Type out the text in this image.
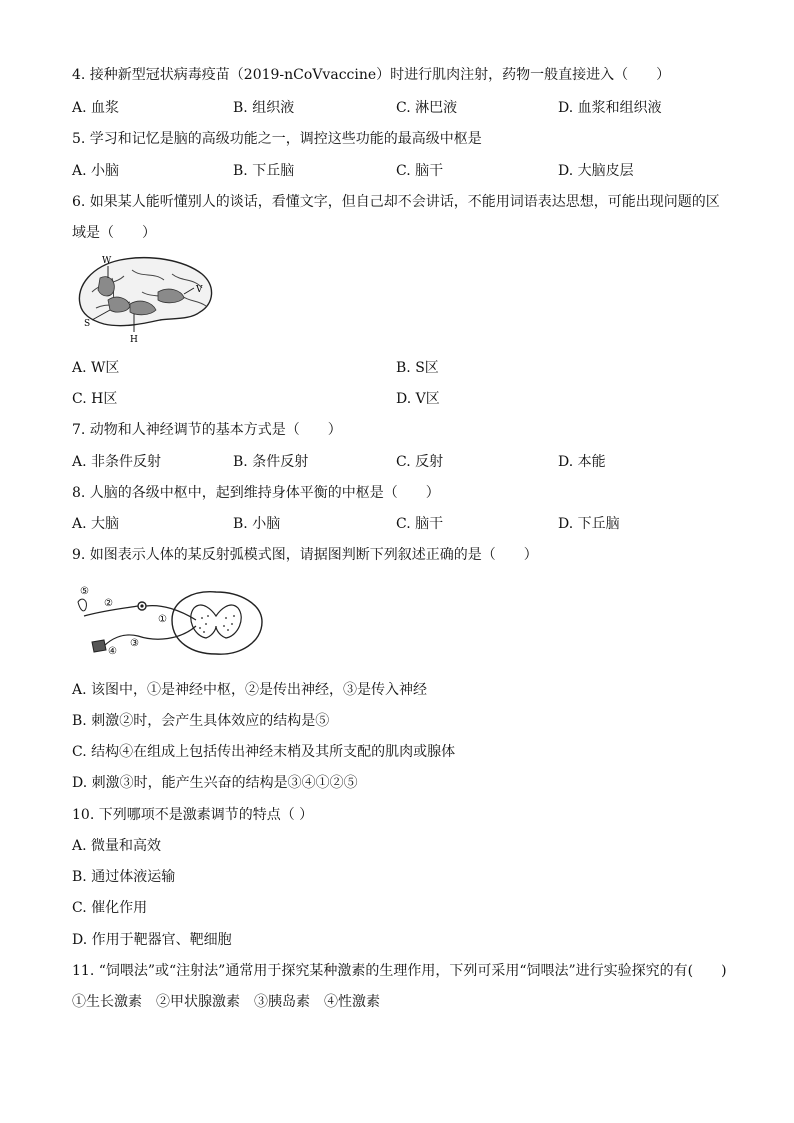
4. 接种新型冠状病毒疫苗（2019-nCoVvaccine）时进行肌肉注射，药物一般直接进入（　　）
A. 血浆	B. 组织液	C. 淋巴液	D. 血浆和组织液
5. 学习和记忆是脑的高级功能之一，调控这些功能的最高级中枢是
A. 小脑	B. 下丘脑	C. 脑干	D. 大脑皮层
6. 如果某人能听懂别人的谈话，看懂文字，但自己却不会讲话，不能用词语表达思想，可能出现问题的区
域是（　　）
W
V
S
H
A. W区	B. S区
C. H区	D. V区
7. 动物和人神经调节的基本方式是（　　）
A. 非条件反射	B. 条件反射	C. 反射	D. 本能
8. 人脑的各级中枢中，起到维持身体平衡的中枢是（　　）
A. 大脑	B. 小脑	C. 脑干	D. 下丘脑
9. 如图表示人体的某反射弧模式图，请据图判断下列叙述正确的是（　　）
⑤
②
①
③
④
A. 该图中，①是神经中枢，②是传出神经，③是传入神经
B. 刺激②时，会产生具体效应的结构是⑤
C. 结构④在组成上包括传出神经末梢及其所支配的肌肉或腺体
D. 刺激③时，能产生兴奋的结构是③④①②⑤
10. 下列哪项不是激素调节的特点（ ）
A. 微量和高效
B. 通过体液运输
C. 催化作用
D. 作用于靶器官、靶细胞
11. “饲喂法”或“注射法”通常用于探究某种激素的生理作用，下列可采用“饲喂法”进行实验探究的有(　　)
①生长激素　②甲状腺激素　③胰岛素　④性激素
